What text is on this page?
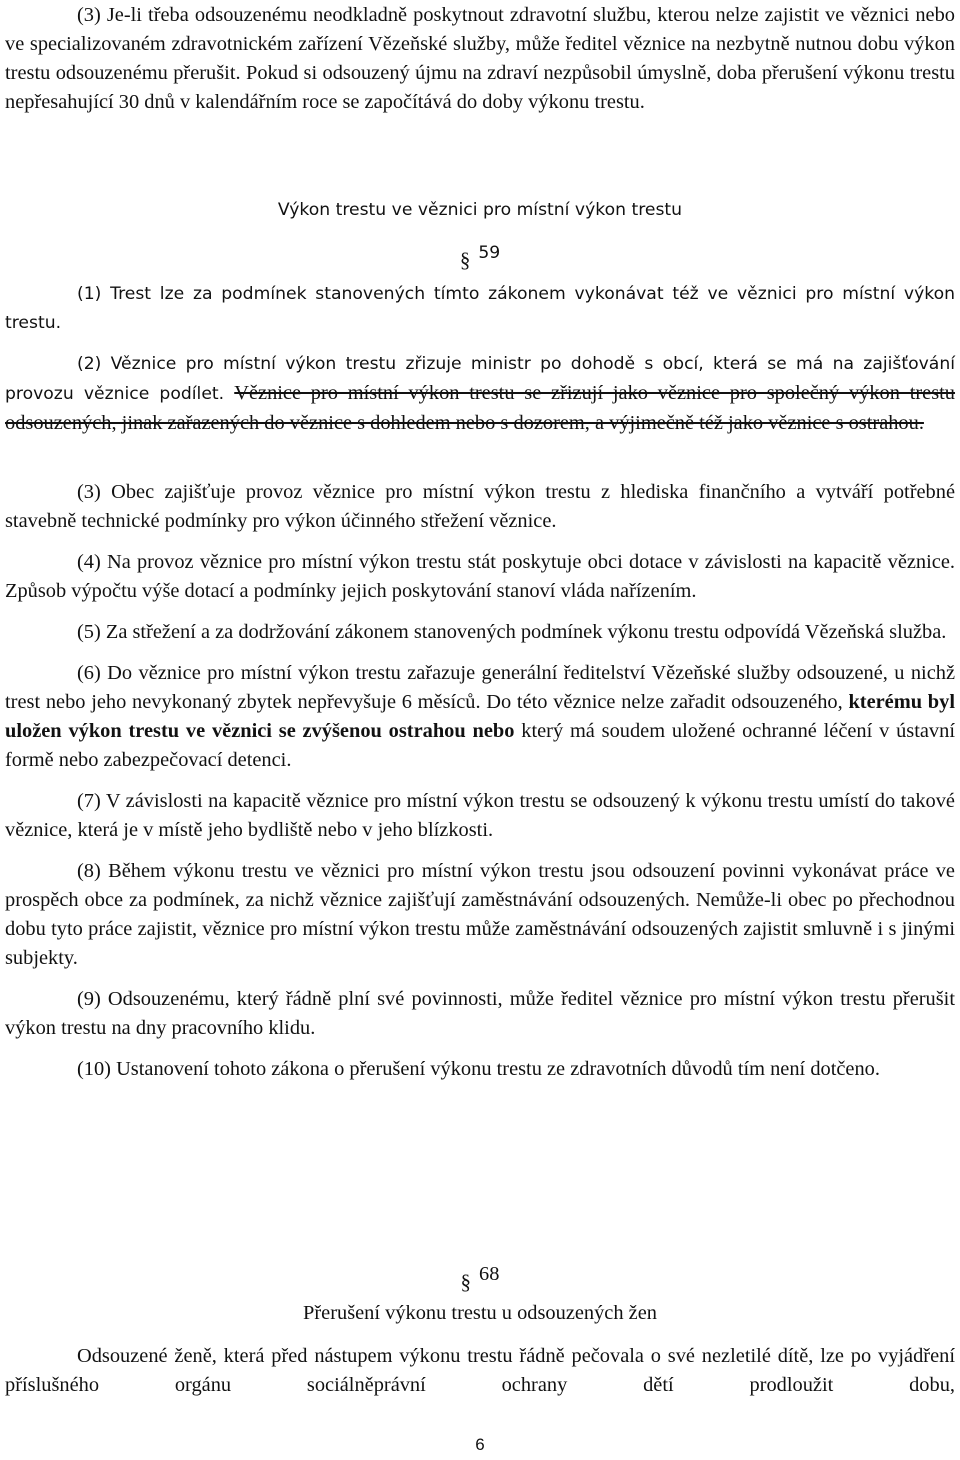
(3) Je-li třeba odsouzenému neodkladně poskytnout zdravotní službu, kterou nelze zajistit ve věznici nebo ve specializovaném zdravotnickém zařízení Vězeňské služby, může ředitel věznice na nezbytně nutnou dobu výkon trestu odsouzenému přerušit. Pokud si odsouzený újmu na zdraví nezpůsobil úmyslně, doba přerušení výkonu trestu nepřesahující 30 dnů v kalendářním roce se započítává do doby výkonu trestu.

Výkon trestu ve věznici pro místní výkon trestu
§ 59

(1) Trest lze za podmínek stanovených tímto zákonem vykonávat též ve věznici pro místní výkon trestu.

(2) Věznice pro místní výkon trestu zřizuje ministr po dohodě s obcí, která se má na zajišťování provozu věznice podílet. Věznice pro místní výkon trestu se zřizují jako věznice pro společný výkon trestu odsouzených, jinak zařazených do věznice s dohledem nebo s dozorem, a výjimečně též jako věznice s ostrahou.

(3) Obec zajišťuje provoz věznice pro místní výkon trestu z hlediska finančního a vytváří potřebné stavebně technické podmínky pro výkon účinného střežení věznice.

(4) Na provoz věznice pro místní výkon trestu stát poskytuje obci dotace v závislosti na kapacitě věznice. Způsob výpočtu výše dotací a podmínky jejich poskytování stanoví vláda nařízením.

(5) Za střežení a za dodržování zákonem stanovených podmínek výkonu trestu odpovídá Vězeňská služba.

(6) Do věznice pro místní výkon trestu zařazuje generální ředitelství Vězeňské služby odsouzené, u nichž trest nebo jeho nevykonaný zbytek nepřevyšuje 6 měsíců. Do této věznice nelze zařadit odsouzeného, kterému byl uložen výkon trestu ve věznici se zvýšenou ostrahou nebo který má soudem uložené ochranné léčení v ústavní formě nebo zabezpečovací detenci.

(7) V závislosti na kapacitě věznice pro místní výkon trestu se odsouzený k výkonu trestu umístí do takové věznice, která je v místě jeho bydliště nebo v jeho blízkosti.

(8) Během výkonu trestu ve věznici pro místní výkon trestu jsou odsouzení povinni vykonávat práce ve prospěch obce za podmínek, za nichž věznice zajišťují zaměstnávání odsouzených. Nemůže-li obec po přechodnou dobu tyto práce zajistit, věznice pro místní výkon trestu může zaměstnávání odsouzených zajistit smluvně i s jinými subjekty.

(9) Odsouzenému, který řádně plní své povinnosti, může ředitel věznice pro místní výkon trestu přerušit výkon trestu na dny pracovního klidu.

(10) Ustanovení tohoto zákona o přerušení výkonu trestu ze zdravotních důvodů tím není dotčeno.

§ 68
Přerušení výkonu trestu u odsouzených žen

Odsouzené ženě, která před nástupem výkonu trestu řádně pečovala o své nezletilé dítě, lze po vyjádření příslušného orgánu sociálněprávní ochrany dětí prodloužit dobu,

6
